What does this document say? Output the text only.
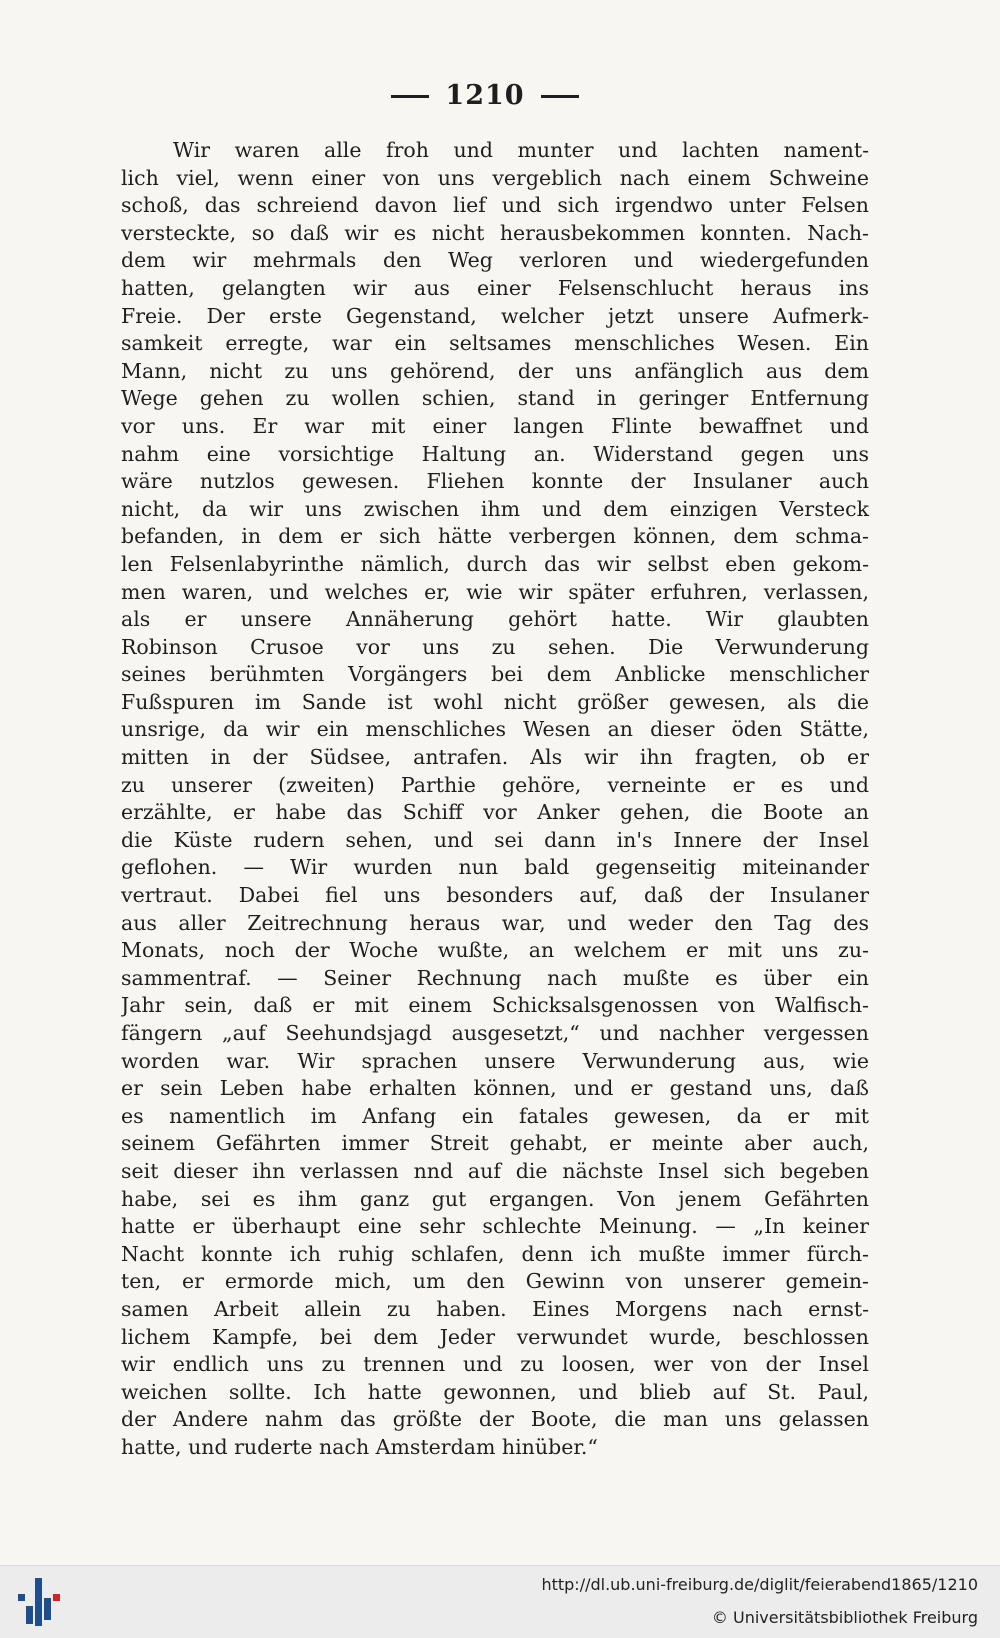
1210
Wir waren alle froh und munter und lachten nament-
lich viel, wenn einer von uns vergeblich nach einem Schweine
schoß, das schreiend davon lief und sich irgendwo unter Felsen
versteckte, so daß wir es nicht herausbekommen konnten. Nach-
dem wir mehrmals den Weg verloren und wiedergefunden
hatten, gelangten wir aus einer Felsenschlucht heraus ins
Freie. Der erste Gegenstand, welcher jetzt unsere Aufmerk-
samkeit erregte, war ein seltsames menschliches Wesen. Ein
Mann, nicht zu uns gehörend, der uns anfänglich aus dem
Wege gehen zu wollen schien, stand in geringer Entfernung
vor uns. Er war mit einer langen Flinte bewaffnet und
nahm eine vorsichtige Haltung an. Widerstand gegen uns
wäre nutzlos gewesen. Fliehen konnte der Insulaner auch
nicht, da wir uns zwischen ihm und dem einzigen Versteck
befanden, in dem er sich hätte verbergen können, dem schma-
len Felsenlabyrinthe nämlich, durch das wir selbst eben gekom-
men waren, und welches er, wie wir später erfuhren, verlassen,
als er unsere Annäherung gehört hatte. Wir glaubten
Robinson Crusoe vor uns zu sehen. Die Verwunderung
seines berühmten Vorgängers bei dem Anblicke menschlicher
Fußspuren im Sande ist wohl nicht größer gewesen, als die
unsrige, da wir ein menschliches Wesen an dieser öden Stätte,
mitten in der Südsee, antrafen. Als wir ihn fragten, ob er
zu unserer (zweiten) Parthie gehöre, verneinte er es und
erzählte, er habe das Schiff vor Anker gehen, die Boote an
die Küste rudern sehen, und sei dann in's Innere der Insel
geflohen. — Wir wurden nun bald gegenseitig miteinander
vertraut. Dabei fiel uns besonders auf, daß der Insulaner
aus aller Zeitrechnung heraus war, und weder den Tag des
Monats, noch der Woche wußte, an welchem er mit uns zu-
sammentraf. — Seiner Rechnung nach mußte es über ein
Jahr sein, daß er mit einem Schicksalsgenossen von Walfisch-
fängern „auf Seehundsjagd ausgesetzt,“ und nachher vergessen
worden war. Wir sprachen unsere Verwunderung aus, wie
er sein Leben habe erhalten können, und er gestand uns, daß
es namentlich im Anfang ein fatales gewesen, da er mit
seinem Gefährten immer Streit gehabt, er meinte aber auch,
seit dieser ihn verlassen nnd auf die nächste Insel sich begeben
habe, sei es ihm ganz gut ergangen. Von jenem Gefährten
hatte er überhaupt eine sehr schlechte Meinung. — „In keiner
Nacht konnte ich ruhig schlafen, denn ich mußte immer fürch-
ten, er ermorde mich, um den Gewinn von unserer gemein-
samen Arbeit allein zu haben. Eines Morgens nach ernst-
lichem Kampfe, bei dem Jeder verwundet wurde, beschlossen
wir endlich uns zu trennen und zu loosen, wer von der Insel
weichen sollte. Ich hatte gewonnen, und blieb auf St. Paul,
der Andere nahm das größte der Boote, die man uns gelassen
hatte, und ruderte nach Amsterdam hinüber.“
http://dl.ub.uni-freiburg.de/diglit/feierabend1865/1210
© Universitätsbibliothek Freiburg
